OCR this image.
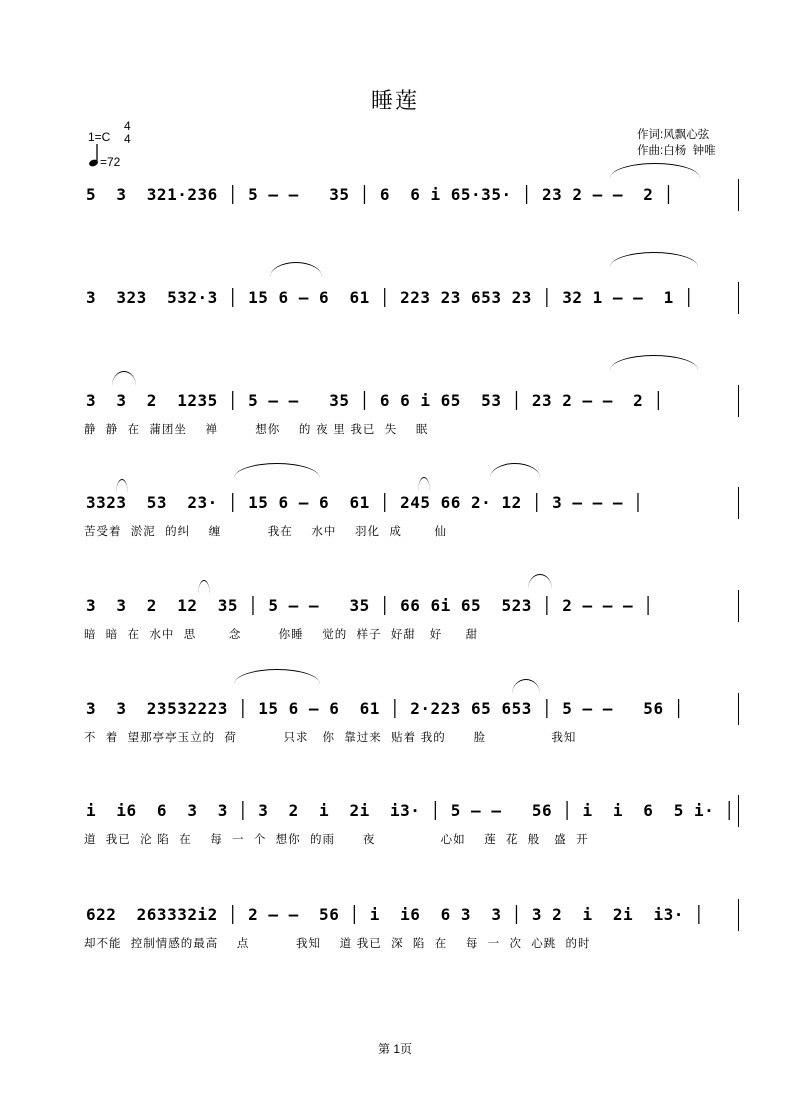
睡莲
1=C
4
4
=72
作词:风飘心弦
作曲:白杨  钟唯
5  3  321·236 │ 5 — —   35 │ 6  6 i 65·35· │ 23 2 — —  2 │
3  323  532·3 │ 15 6 — 6  61 │ 223 23 653 23 │ 32 1 — —  1 │
3  3  2  1235 │ 5 — —   35 │ 6 6 i 65  53 │ 23 2 — —  2 │
静  静  在  蒲团坐    禅        想你    的 夜 里 我已  失    眠
3323  53  23· │ 15 6 — 6  61 │ 245 66 2· 12 │ 3 — — — │
苦受着  淤泥  的纠    缠          我在    水中    羽化  成       仙
3  3  2  12  35 │ 5 — —   35 │ 66 6i 65  523 │ 2 — — — │
暗  暗  在  水中  思       念        你睡    觉的  样子  好甜   好     甜
3  3  23532223 │ 15 6 — 6  61 │ 2·223 65 653 │ 5 — —   56 │
不  着  望那亭亭玉立的  荷          只求   你  靠过来  贴着 我的      脸              我知
i  i6  6  3  3 │ 3  2  i  2i  i3· │ 5 — —   56 │ i  i  6  5 i· │
道  我已  沦 陷  在    每  一  个  想你  的雨      夜              心如    莲  花  般   盛  开
622  263332i2 │ 2 — —  56 │ i  i6  6 3  3 │ 3 2  i  2i  i3· │
却不能  控制情感的最高    点          我知    道 我已  深  陷  在    每  一  次  心跳  的时
第 1页
